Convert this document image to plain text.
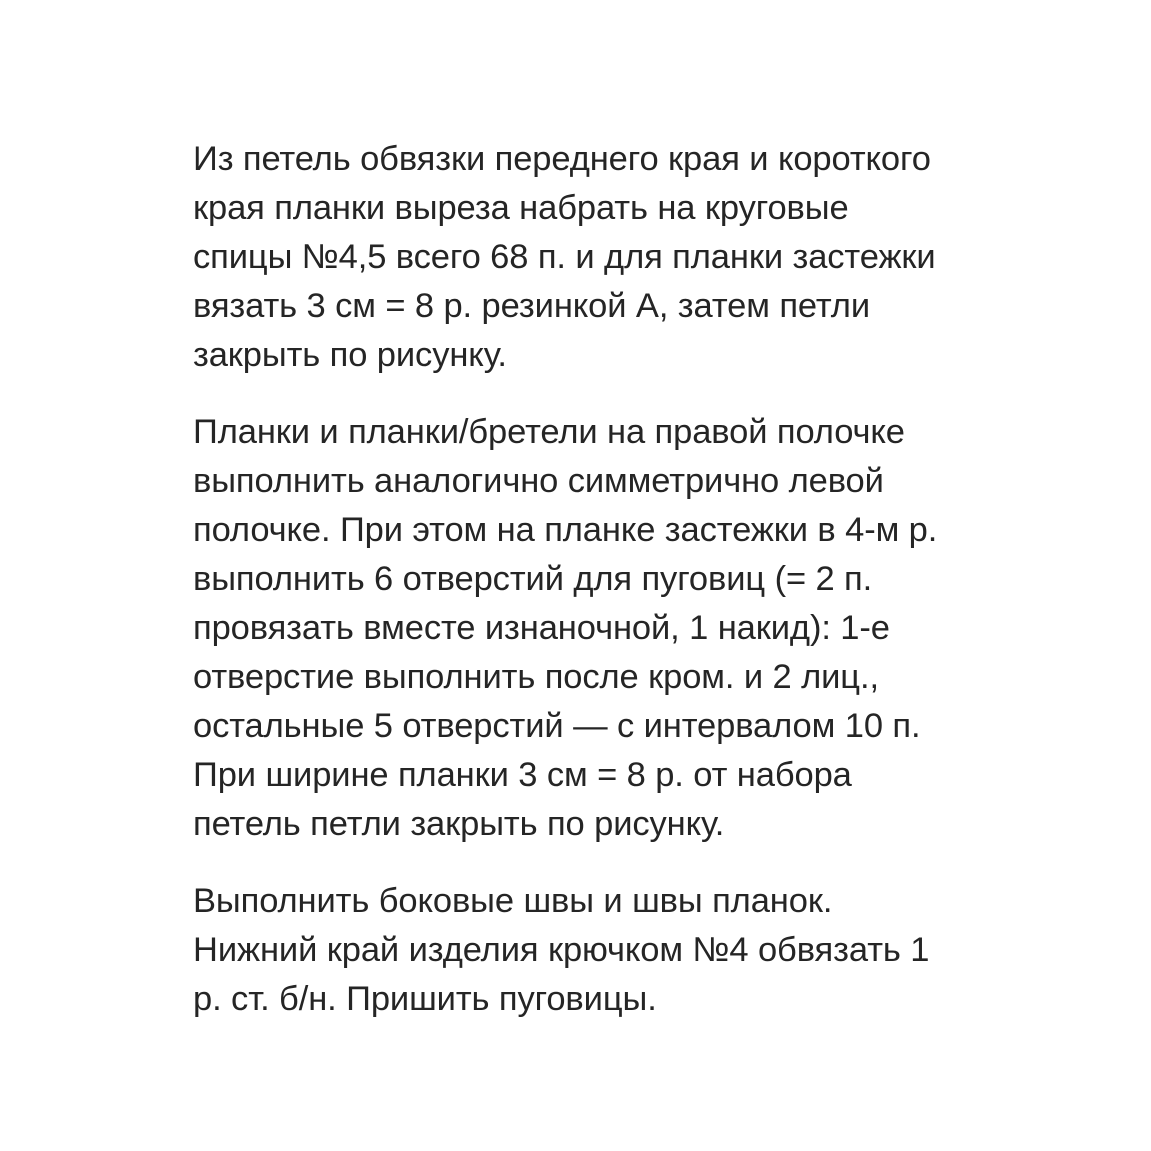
Из петель обвязки переднего края и короткого
края планки выреза набрать на круговые
спицы №4,5 всего 68 п. и для планки застежки
вязать 3 см = 8 р. резинкой А, затем петли
закрыть по рисунку.

Планки и планки/бретели на правой полочке
выполнить аналогично симметрично левой
полочке. При этом на планке застежки в 4-м р.
выполнить 6 отверстий для пуговиц (= 2 п.
провязать вместе изнаночной, 1 накид): 1-е
отверстие выполнить после кром. и 2 лиц.,
остальные 5 отверстий — с интервалом 10 п.
При ширине планки 3 см = 8 р. от набора
петель петли закрыть по рисунку.

Выполнить боковые швы и швы планок.
Нижний край изделия крючком №4 обвязать 1
р. ст. б/н. Пришить пуговицы.
